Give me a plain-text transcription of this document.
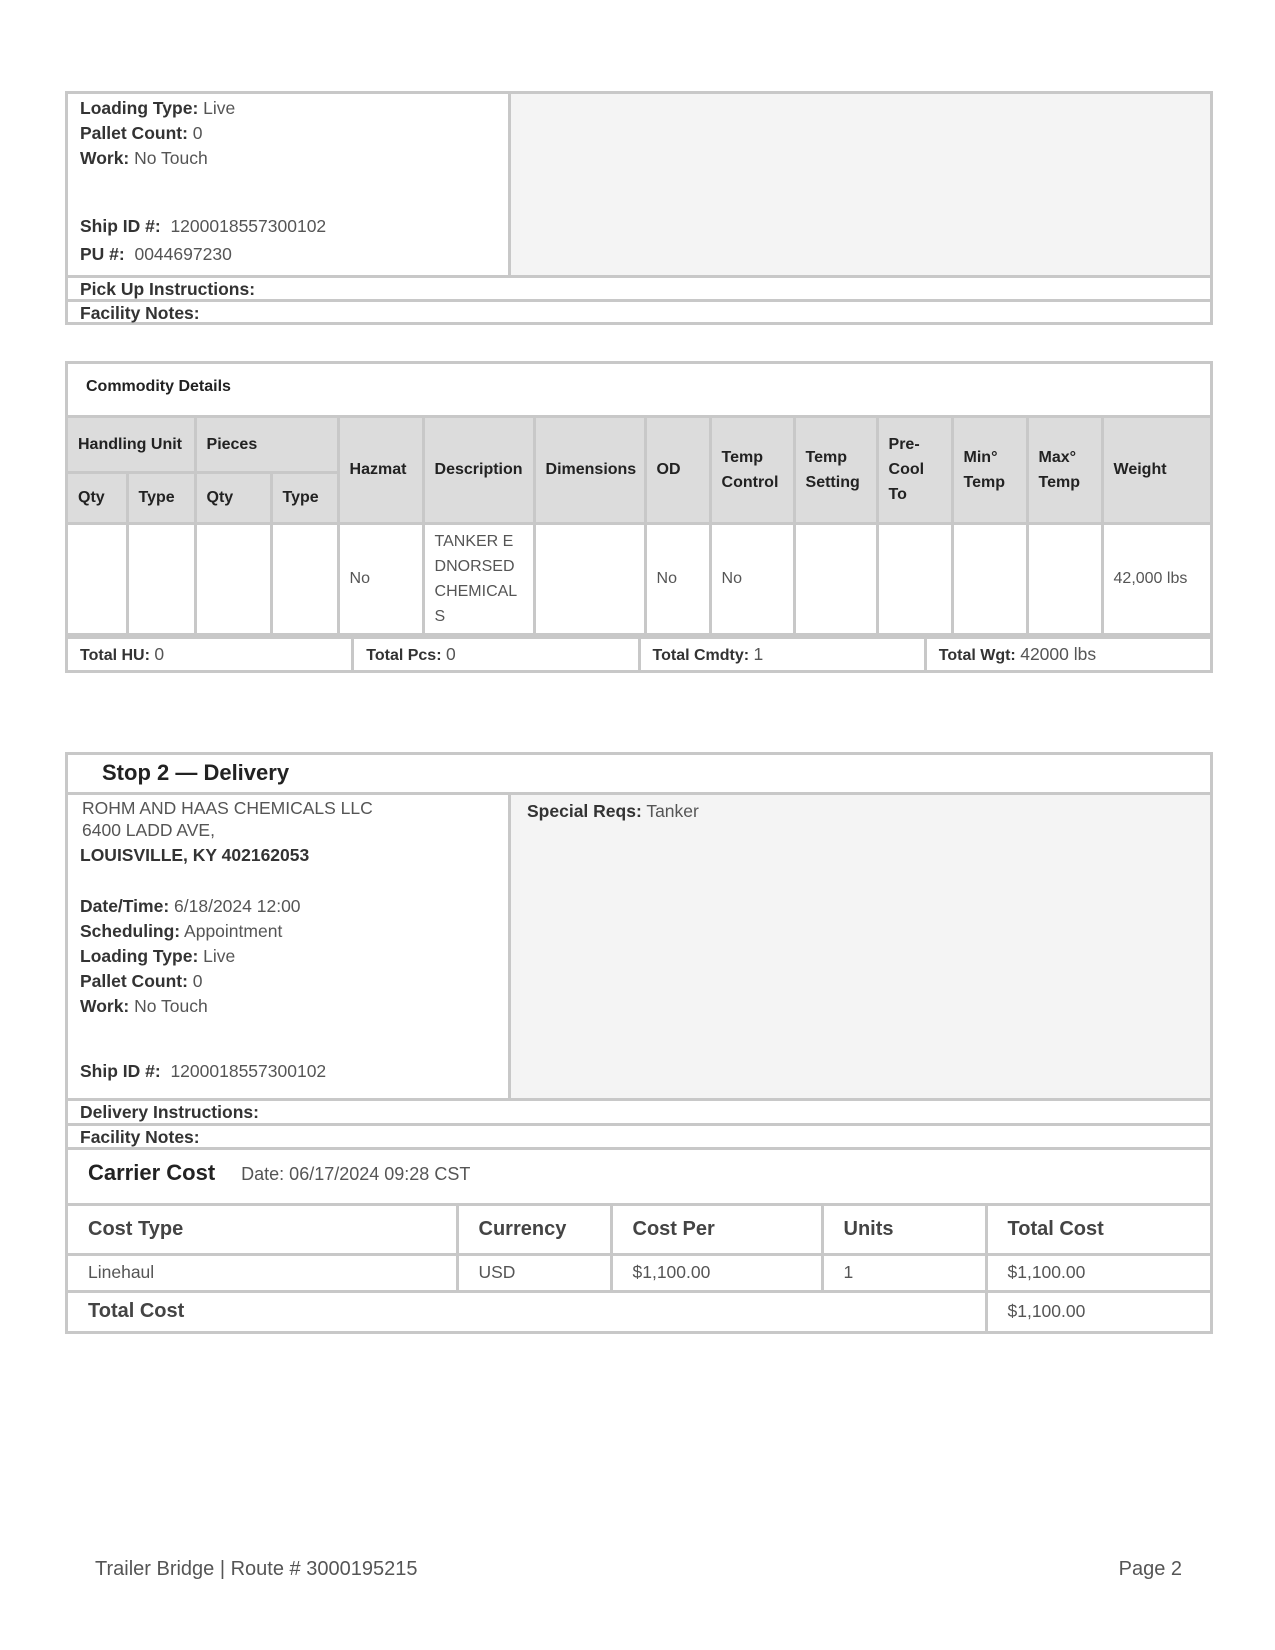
Loading Type: Live
Pallet Count: 0
Work: No Touch
Ship ID #: 1200018557300102
PU #: 0044697230
Pick Up Instructions:
Facility Notes:
Commodity Details
Handling Unit		Pieces		Hazmat	Description	Dimensions	OD	Temp Control	Temp Setting	Pre-Cool To	Min° Temp	Max° Temp	Weight
Qty	Type	Qty	Type										
				No	TANKER EDNORSED CHEMICALS		No	No					42,000 lbs
Total HU: 0	Total Pcs: 0	Total Cmdty: 1	Total Wgt: 42000 lbs
Stop 2 — Delivery
ROHM AND HAAS CHEMICALS LLC
6400 LADD AVE,
LOUISVILLE, KY 402162053
Date/Time: 6/18/2024 12:00
Scheduling: Appointment
Loading Type: Live
Pallet Count: 0
Work: No Touch
Ship ID #: 1200018557300102
Special Reqs: Tanker
Delivery Instructions:
Facility Notes:
Carrier Cost Date: 06/17/2024 09:28 CST
Cost Type	Currency	Cost Per	Units	Total Cost
Linehaul	USD	$1,100.00	1	$1,100.00
Total Cost				$1,100.00
Trailer Bridge | Route # 3000195215	Page 2
